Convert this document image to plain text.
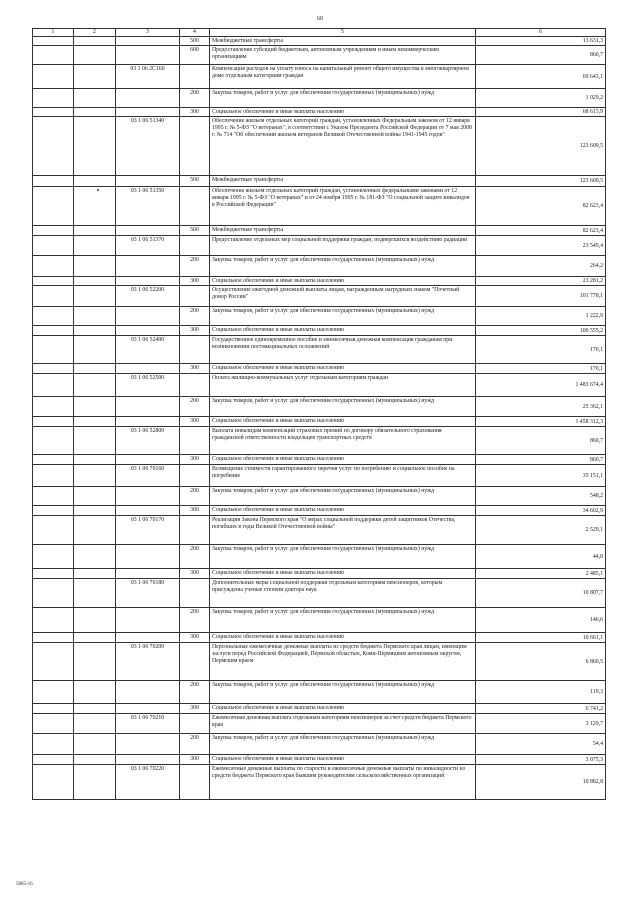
60
1	2	3	4	5	6
			500	Межбюджетные трансферты	13 631,3
			600	Предоставление субсидий бюджетным, автономным учреждениям и иным некоммерческим организациям	860,7
		03 1 06 2С160		Компенсация расходов на уплату взноса на капитальный ремонт общего имущества в многоквартирном доме отдельным категориям граждан	69 643,1
			200	Закупка товаров, работ и услуг для обеспечения государственных (муниципальных) нужд	1 029,2
			300	Социальное обеспечение и иные выплаты населению	68 613,9
		03 1 06 51340		Обеспечение жильем отдельных категорий граждан, установленных Федеральным законом от 12 января 1995 г. № 5-ФЗ "О ветеранах", в соответствии с Указом Президента Российской Федерации от 7 мая 2008 г. № 714 "Об обеспечении жильем ветеранов Великой Отечественной войны 1941-1945 годов"	123 609,5
			500	Межбюджетные трансферты	123 609,5
		03 1 06 51350		Обеспечение жильем отдельных категорий граждан, установленных федеральными законами от 12 января 1995 г. № 5-ФЗ "О ветеранах" и от 24 ноября 1995 г. № 181-ФЗ "О социальной защите инвалидов в Российской Федерации"	82 623,4
			500	Межбюджетные трансферты	82 623,4
		03 1 06 51370		Предоставление отдельных мер социальной поддержки граждан, подвергшихся воздействию радиации	23 545,4
			200	Закупка товаров, работ и услуг для обеспечения государственных (муниципальных) нужд	264,2
			300	Социальное обеспечение и иные выплаты населению	23 281,2
		03 1 06 52200		Осуществление ежегодной денежной выплаты лицам, награжденным нагрудным знаком "Почетный донор России"	101 778,1
			200	Закупка товаров, работ и услуг для обеспечения государственных (муниципальных) нужд	1 222,9
			300	Социальное обеспечение и иные выплаты населению	100 555,2
		03 1 06 52400		Государственное единовременное пособие и ежемесячная денежная компенсация гражданам при возникновении поствакцинальных осложнений	170,1
			300	Социальное обеспечение и иные выплаты населению	170,1
		03 1 06 52500		Оплата жилищно-коммунальных услуг отдельным категориям граждан	1 483 674,4
			200	Закупка товаров, работ и услуг для обеспечения государственных (муниципальных) нужд	25 362,1
			300	Социальное обеспечение и иные выплаты населению	1 458 312,3
		03 1 06 52800		Выплата инвалидам компенсаций страховых премий по договору обязательного страхования гражданской ответственности владельцев транспортных средств	860,7
			300	Социальное обеспечение и иные выплаты населению	860,7
		03 1 06 70160		Возмещение стоимости гарантированного перечня услуг по погребению и социальное пособие на погребение	35 151,1
			200	Закупка товаров, работ и услуг для обеспечения государственных (муниципальных) нужд	548,2
			300	Социальное обеспечение и иные выплаты населению	34 602,9
		03 1 06 70170		Реализация Закона Пермского края "О мерах социальной поддержки детей защитников Отечества, погибших в годы Великой Отечественной войны"	2 529,1
			200	Закупка товаров, работ и услуг для обеспечения государственных (муниципальных) нужд	44,0
			300	Социальное обеспечение и иные выплаты населению	2 485,1
		03 1 06 70180		Дополнительные меры социальной поддержки отдельным категориям пенсионеров, которым присуждены ученые степени доктора наук	10 807,7
			200	Закупка товаров, работ и услуг для обеспечения государственных (муниципальных) нужд	146,6
			300	Социальное обеспечение и иные выплаты населению	10 661,1
		03 1 06 70200		Персональные ежемесячные денежные выплаты из средств бюджета Пермского края лицам, имеющим заслуги перед Российской Федерацией, Пермской областью, Коми-Пермяцким автономным округом, Пермским краем	6 860,5
			200	Закупка товаров, работ и услуг для обеспечения государственных (муниципальных) нужд	119,3
			300	Социальное обеспечение и иные выплаты населению	6 741,2
		03 1 06 70210		Ежемесячная денежная выплата отдельным категориям пенсионеров за счет средств бюджета Пермского края	3 129,7
			200	Закупка товаров, работ и услуг для обеспечения государственных (муниципальных) нужд	54,4
			300	Социальное обеспечение и иные выплаты населению	3 075,3
		03 1 06 70220		Ежемесячные денежные выплаты по старости и ежемесячные денежные выплаты по инвалидности из средств бюджета Пермского края бывшим руководителям сельскохозяйственных организаций	10 882,8
5865-16
